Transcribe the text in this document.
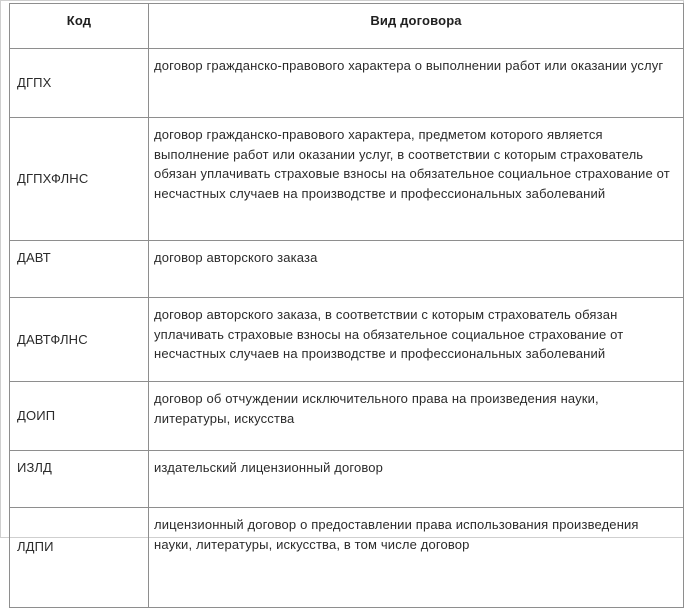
Код	Вид договора
ДГПХ	договор гражданско-правового характера о выполнении работ или оказании услуг

ДГПХФЛНС	договор гражданско-правового характера, предметом которого является выполнение работ или оказании услуг, в соответствии с которым страхователь обязан уплачивать страховые взносы на обязательное социальное страхование от несчастных случаев на производстве и профессиональных заболеваний

ДАВТ	договор авторского заказа

ДАВТФЛНС	договор авторского заказа, в соответствии с которым страхователь обязан уплачивать страховые взносы на обязательное социальное страхование от несчастных случаев на производстве и профессиональных заболеваний

ДОИП	договор об отчуждении исключительного права на произведения науки, литературы, искусства

ИЗЛД	издательский лицензионный договор

ЛДПИ	лицензионный договор о предоставлении права использования произведения науки, литературы, искусства, в том числе договор
